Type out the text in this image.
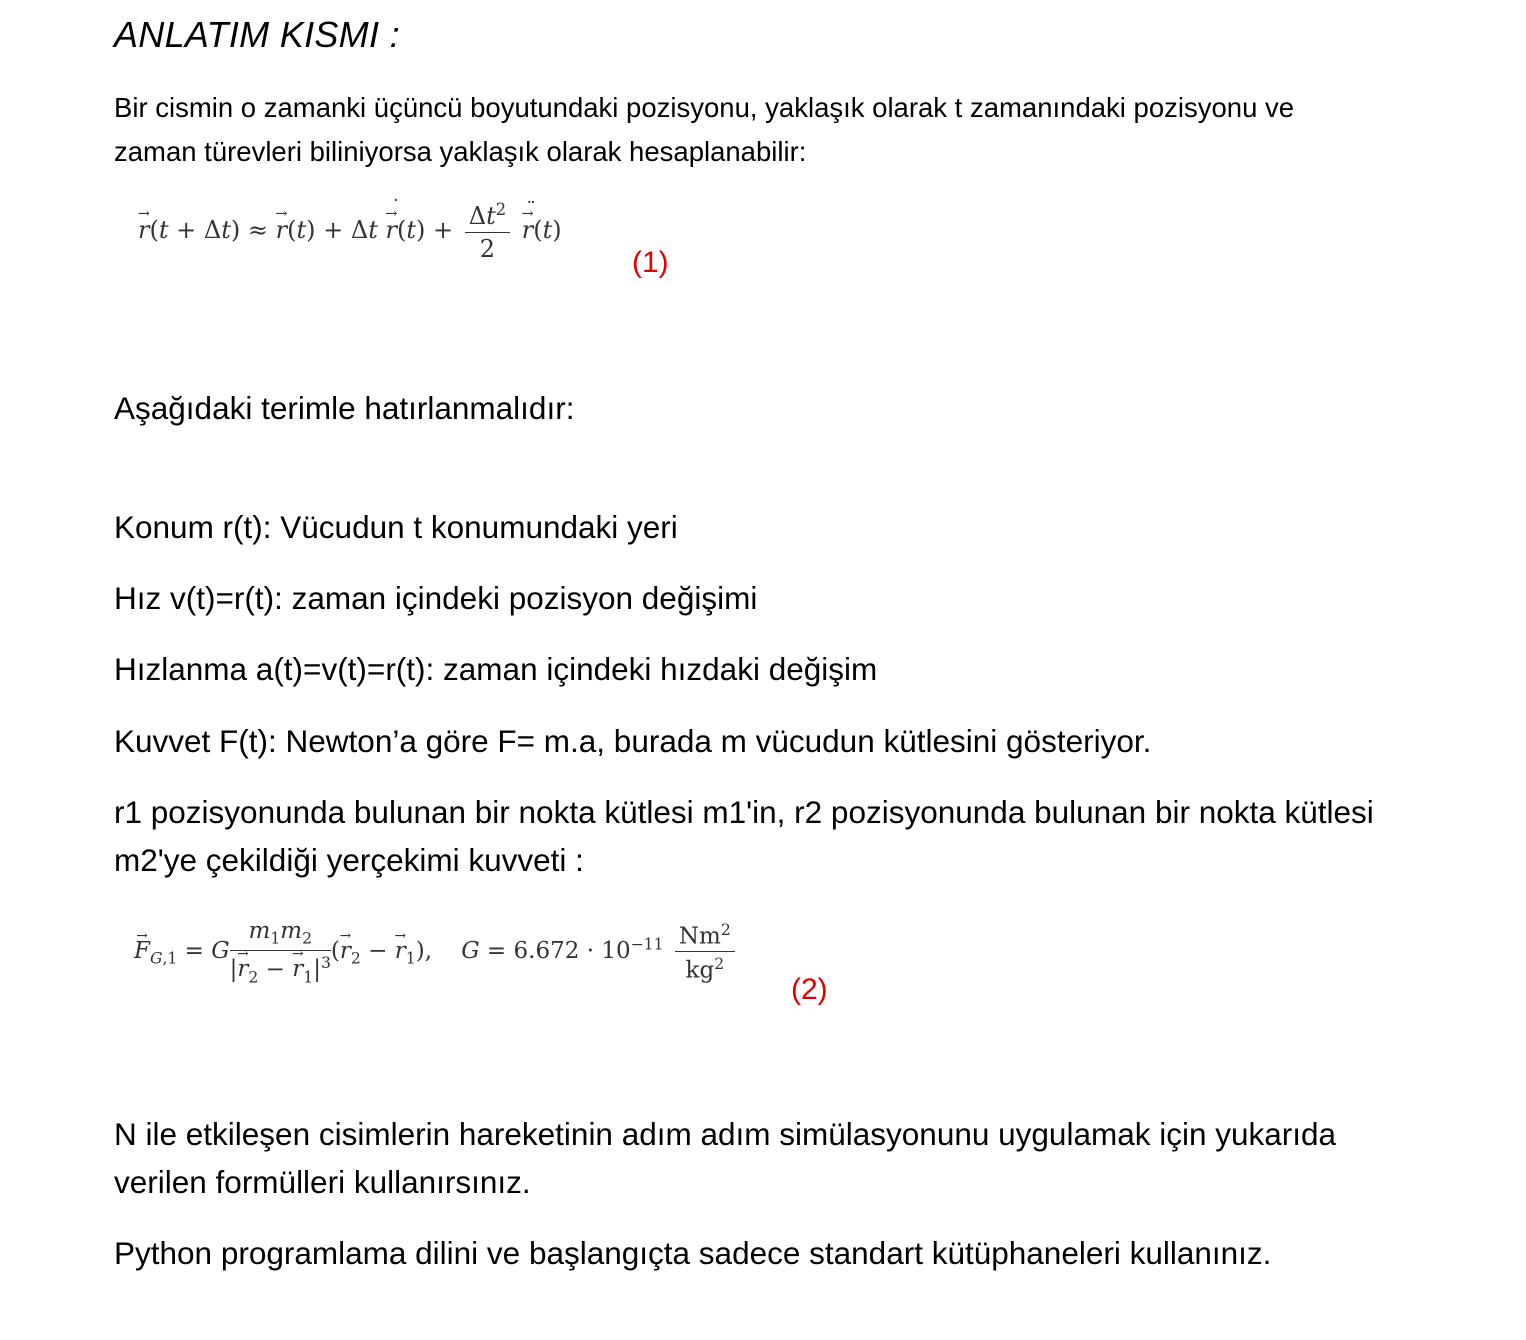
ANLATIM KISMI :

Bir cismin o zamanki üçüncü boyutundaki pozisyonu, yaklaşık olarak t zamanındaki pozisyonu ve
zaman türevleri biliniyorsa yaklaşık olarak hesaplanabilir:

→ r(t + Δt) ≈ → r(t) + Δt → r ˙(t) + $\frac{\Delta t^2}{2}$
→ r ¨(t)
(1)

Aşağıdaki terimle hatırlanmalıdır:

Konum r(t): Vücudun t konumundaki yeri

Hız v(t)=r(t): zaman içindeki pozisyon değişimi

Hızlanma a(t)=v(t)=r(t): zaman içindeki hızdaki değişim

Kuvvet F(t): Newton’a göre F= m.a, burada m vücudun kütlesini gösteriyor.

r1 pozisyonunda bulunan bir nokta kütlesi m1'in, r2 pozisyonunda bulunan bir nokta kütlesi
m2'ye çekildiği yerçekimi kuvveti :

→ $F_{G,1} = G \frac{m_1m_2}{|\to r_2 - \to r_1|^3}$ (→ $r_2$ − → $r_1$),    $G = 6.672 \cdot 10^{-11} \frac{Nm^2}{kg^2}$
(2)

N ile etkileşen cisimlerin hareketinin adım adım simülasyonunu uygulamak için yukarıda
verilen formülleri kullanırsınız.

Python programlama dilini ve başlangıçta sadece standart kütüphaneleri kullanınız.
